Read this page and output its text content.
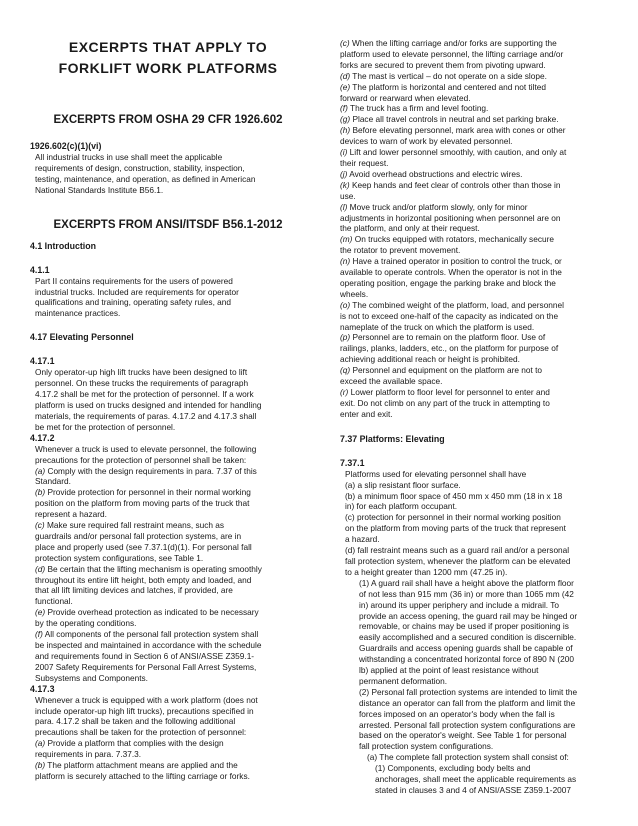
EXCERPTS THAT APPLY TO
FORKLIFT WORK PLATFORMS
EXCERPTS FROM OSHA 29 CFR 1926.602
1926.602(c)(1)(vi)
All industrial trucks in use shall meet the applicable
requirements of design, construction, stability, inspection,
testing, maintenance, and operation, as defined in American
National Standards Institute B56.1.
EXCERPTS FROM ANSI/ITSDF B56.1-2012
4.1 Introduction
4.1.1
Part II contains requirements for the users of powered
industrial trucks. Included are requirements for operator
qualifications and training, operating safety rules, and
maintenance practices.
4.17 Elevating Personnel
4.17.1
Only operator-up high lift trucks have been designed to lift
personnel. On these trucks the requirements of paragraph
4.17.2 shall be met for the protection of personnel. If a work
platform is used on trucks designed and intended for handling
materials, the requirements of paras. 4.17.2 and 4.17.3 shall
be met for the protection of personnel.
4.17.2
Whenever a truck is used to elevate personnel, the following
precautions for the protection of personnel shall be taken:
(a) Comply with the design requirements in para. 7.37 of this
Standard.
(b) Provide protection for personnel in their normal working
position on the platform from moving parts of the truck that
represent a hazard.
(c) Make sure required fall restraint means, such as
guardrails and/or personal fall protection systems, are in
place and properly used (see 7.37.1(d)(1). For personal fall
protection system configurations, see Table 1.
(d) Be certain that the lifting mechanism is operating smoothly
throughout its entire lift height, both empty and loaded, and
that all lift limiting devices and latches, if provided, are
functional.
(e) Provide overhead protection as indicated to be necessary
by the operating conditions.
(f) All components of the personal fall protection system shall
be inspected and maintained in accordance with the schedule
and requirements found in Section 6 of ANSI/ASSE Z359.1-
2007 Safety Requirements for Personal Fall Arrest Systems,
Subsystems and Components.
4.17.3
Whenever a truck is equipped with a work platform (does not
include operator-up high lift trucks), precautions specified in
para. 4.17.2 shall be taken and the following additional
precautions shall be taken for the protection of personnel:
(a) Provide a platform that complies with the design
requirements in para. 7.37.3.
(b) The platform attachment means are applied and the
platform is securely attached to the lifting carriage or forks.
(c) When the lifting carriage and/or forks are supporting the
platform used to elevate personnel, the lifting carriage and/or
forks are secured to prevent them from pivoting upward.
(d) The mast is vertical – do not operate on a side slope.
(e) The platform is horizontal and centered and not tilted
forward or rearward when elevated.
(f) The truck has a firm and level footing.
(g) Place all travel controls in neutral and set parking brake.
(h) Before elevating personnel, mark area with cones or other
devices to warn of work by elevated personnel.
(i) Lift and lower personnel smoothly, with caution, and only at
their request.
(j) Avoid overhead obstructions and electric wires.
(k) Keep hands and feet clear of controls other than those in
use.
(l) Move truck and/or platform slowly, only for minor
adjustments in horizontal positioning when personnel are on
the platform, and only at their request.
(m) On trucks equipped with rotators, mechanically secure
the rotator to prevent movement.
(n) Have a trained operator in position to control the truck, or
available to operate controls. When the operator is not in the
operating position, engage the parking brake and block the
wheels.
(o) The combined weight of the platform, load, and personnel
is not to exceed one-half of the capacity as indicated on the
nameplate of the truck on which the platform is used.
(p) Personnel are to remain on the platform floor. Use of
railings, planks, ladders, etc., on the platform for purpose of
achieving additional reach or height is prohibited.
(q) Personnel and equipment on the platform are not to
exceed the available space.
(r) Lower platform to floor level for personnel to enter and
exit. Do not climb on any part of the truck in attempting to
enter and exit.
7.37 Platforms: Elevating
7.37.1
Platforms used for elevating personnel shall have
(a) a slip resistant floor surface.
(b) a minimum floor space of 450 mm x 450 mm (18 in x 18
in) for each platform occupant.
(c) protection for personnel in their normal working position
on the platform from moving parts of the truck that represent
a hazard.
(d) fall restraint means such as a guard rail and/or a personal
fall protection system, whenever the platform can be elevated
to a height greater than 1200 mm (47.25 in).
(1) A guard rail shall have a height above the platform floor
of not less than 915 mm (36 in) or more than 1065 mm (42
in) around its upper periphery and include a midrail. To
provide an access opening, the guard rail may be hinged or
removable, or chains may be used if proper positioning is
easily accomplished and a secured condition is discernible.
Guardrails and access opening guards shall be capable of
withstanding a concentrated horizontal force of 890 N (200
lb) applied at the point of least resistance without
permanent deformation.
(2) Personal fall protection systems are intended to limit the
distance an operator can fall from the platform and limit the
forces imposed on an operator's body when the fall is
arrested. Personal fall protection system configurations are
based on the operator's weight. See Table 1 for personal
fall protection system configurations.
(a) The complete fall protection system shall consist of:
(1) Components, excluding body belts and
anchorages, shall meet the applicable requirements as
stated in clauses 3 and 4 of ANSI/ASSE Z359.1-2007
